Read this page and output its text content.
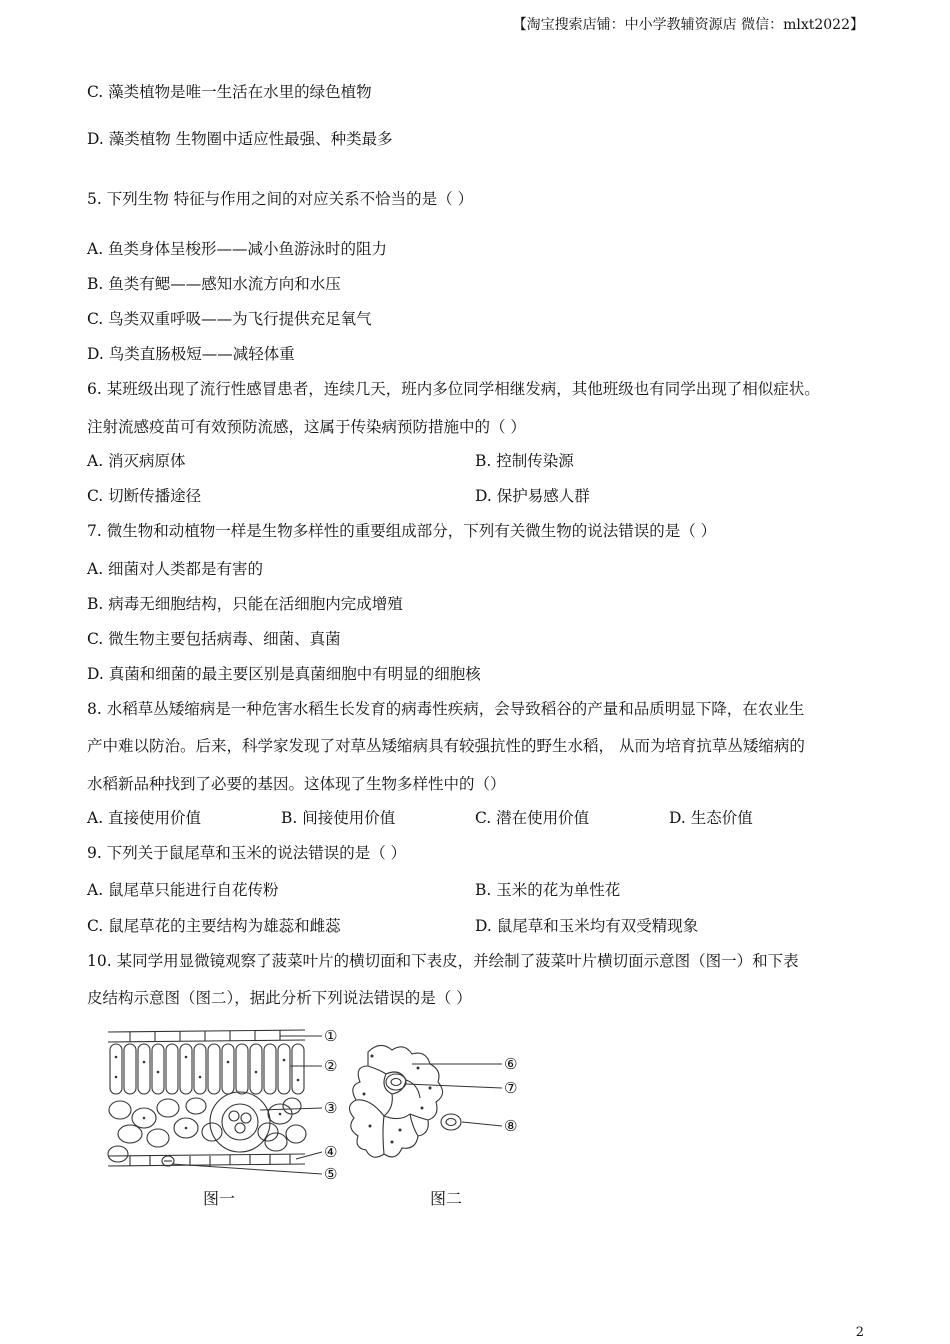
【淘宝搜索店铺：中小学教辅资源店 微信：mlxt2022】
C. 藻类植物是唯一生活在水里的绿色植物
D. 藻类植物 生物圈中适应性最强、种类最多
5. 下列生物 特征与作用之间的对应关系不恰当的是（ ）
A. 鱼类身体呈梭形——减小鱼游泳时的阻力
B. 鱼类有鳃——感知水流方向和水压
C. 鸟类双重呼吸——为飞行提供充足氧气
D. 鸟类直肠极短——减轻体重
6. 某班级出现了流行性感冒患者，连续几天，班内多位同学相继发病，其他班级也有同学出现了相似症状。
注射流感疫苗可有效预防流感，这属于传染病预防措施中的（ ）
A. 消灭病原体	B. 控制传染源
C. 切断传播途径	D. 保护易感人群
7. 微生物和动植物一样是生物多样性的重要组成部分，下列有关微生物的说法错误的是（ ）
A. 细菌对人类都是有害的
B. 病毒无细胞结构，只能在活细胞内完成增殖
C. 微生物主要包括病毒、细菌、真菌
D. 真菌和细菌的最主要区别是真菌细胞中有明显的细胞核
8. 水稻草丛矮缩病是一种危害水稻生长发育的病毒性疾病，会导致稻谷的产量和品质明显下降，在农业生
产中难以防治。后来，科学家发现了对草丛矮缩病具有较强抗性的野生水稻， 从而为培育抗草丛矮缩病的
水稻新品种找到了必要的基因。这体现了生物多样性中的（）
A. 直接使用价值	B. 间接使用价值	C. 潜在使用价值	D. 生态价值
9. 下列关于鼠尾草和玉米的说法错误的是（ ）
A. 鼠尾草只能进行自花传粉	B. 玉米的花为单性花
C. 鼠尾草花的主要结构为雄蕊和雌蕊	D. 鼠尾草和玉米均有双受精现象
10. 某同学用显微镜观察了菠菜叶片的横切面和下表皮，并绘制了菠菜叶片横切面示意图（图一）和下表
皮结构示意图（图二），据此分析下列说法错误的是（ ）
①
②
③
④
⑤
⑥
⑦
⑧
图一	图二
2
